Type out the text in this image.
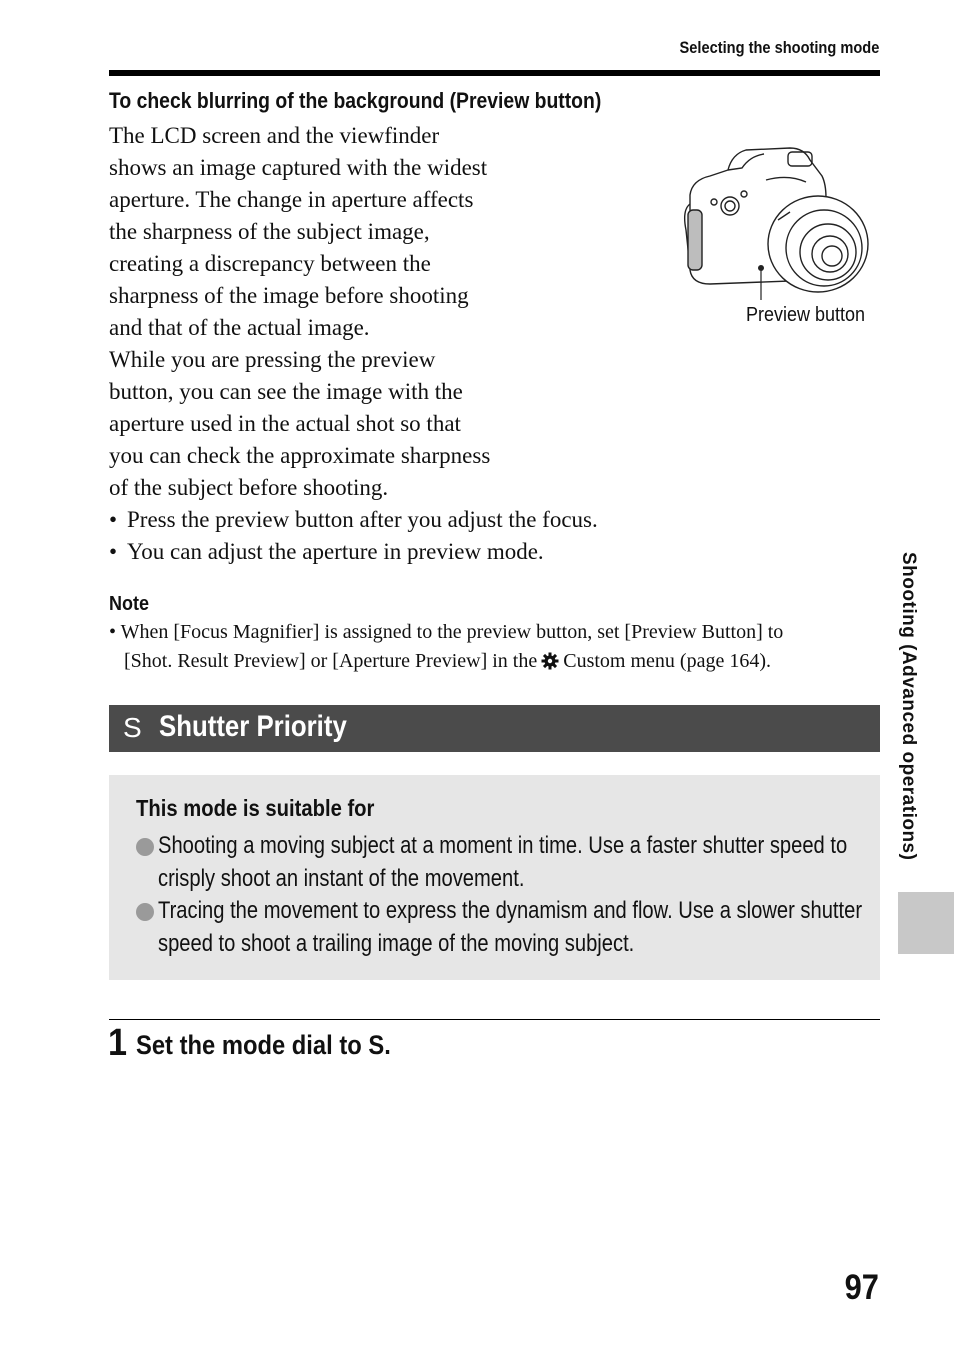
Selecting the shooting mode
To check blurring of the background (Preview button)
The LCD screen and the viewfinder
shows an image captured with the widest
aperture. The change in aperture affects
the sharpness of the subject image,
creating a discrepancy between the
sharpness of the image before shooting
and that of the actual image.
While you are pressing the preview
button, you can see the image with the
aperture used in the actual shot so that
you can check the approximate sharpness
of the subject before shooting.
• Press the preview button after you adjust the focus.
• You can adjust the aperture in preview mode.
Preview button
Note
• When [Focus Magnifier] is assigned to the preview button, set [Preview Button] to
[Shot. Result Preview] or [Aperture Preview] in the Custom menu (page 164).
S Shutter Priority
This mode is suitable for
Shooting a moving subject at a moment in time. Use a faster shutter speed to
crisply shoot an instant of the movement.
Tracing the movement to express the dynamism and flow. Use a slower shutter
speed to shoot a trailing image of the moving subject.
1 Set the mode dial to S.
Shooting (Advanced operations)
97
